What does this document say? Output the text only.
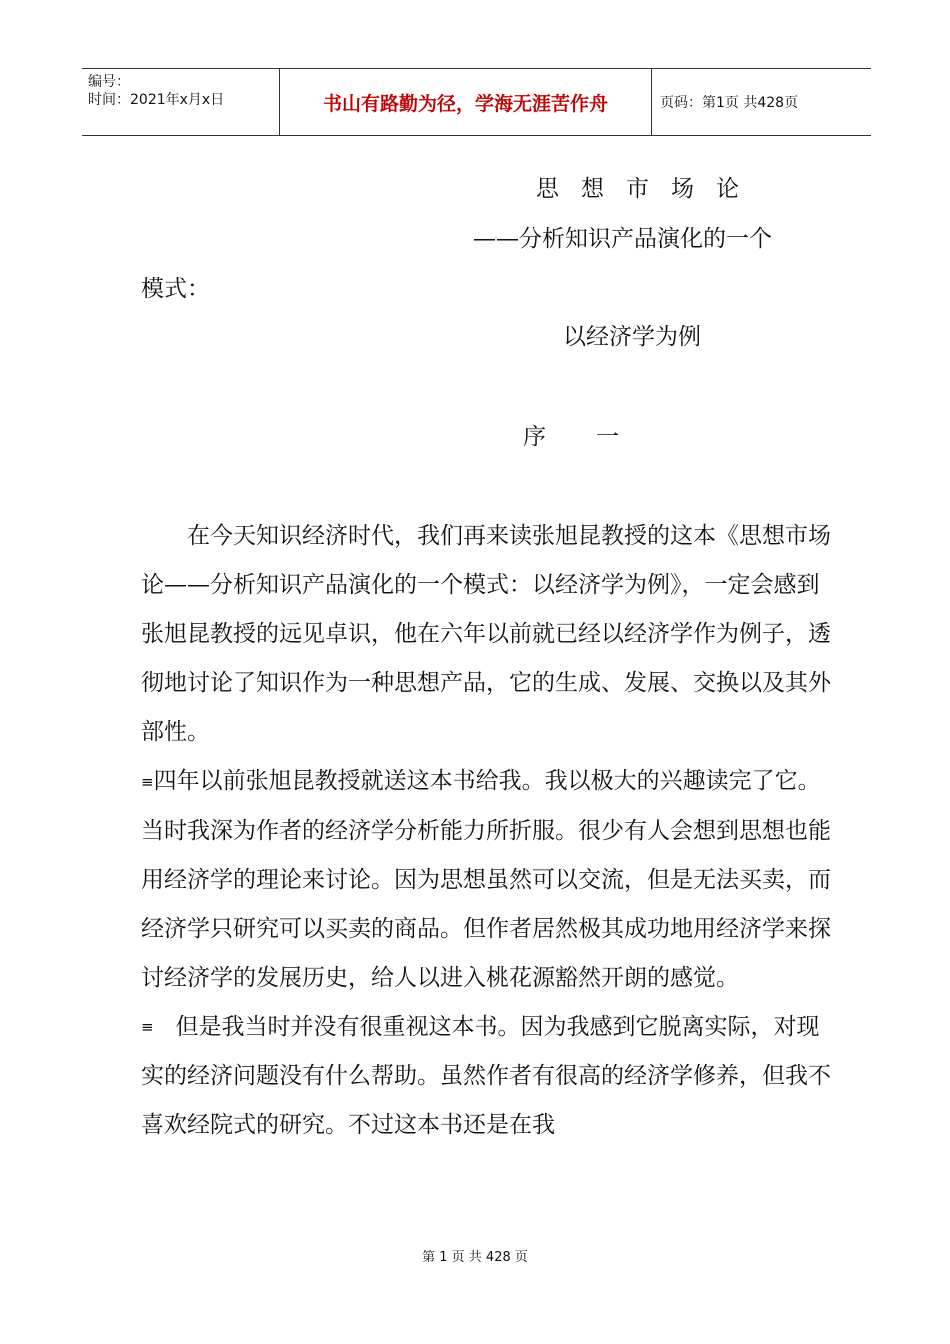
编号：
时间：2021年x月x日	书山有路勤为径，学海无涯苦作舟	页码：第1页 共428页
思想市场论
——分析知识产品演化的一个
模式：
以经济学为例
序一

在今天知识经济时代，我们再来读张旭昆教授的这本《思想市场论——分析知识产品演化的一个模式：以经济学为例》，一定会感到张旭昆教授的远见卓识，他在六年以前就已经以经济学作为例子，透彻地讨论了知识作为一种思想产品，它的生成、发展、交换以及其外部性。

≡四年以前张旭昆教授就送这本书给我。我以极大的兴趣读完了它。当时我深为作者的经济学分析能力所折服。很少有人会想到思想也能用经济学的理论来讨论。因为思想虽然可以交流，但是无法买卖，而经济学只研究可以买卖的商品。但作者居然极其成功地用经济学来探讨经济学的发展历史，给人以进入桃花源豁然开朗的感觉。

≡ 但是我当时并没有很重视这本书。因为我感到它脱离实际，对现实的经济问题没有什么帮助。虽然作者有很高的经济学修养，但我不喜欢经院式的研究。不过这本书还是在我

第 1 页 共 428 页
